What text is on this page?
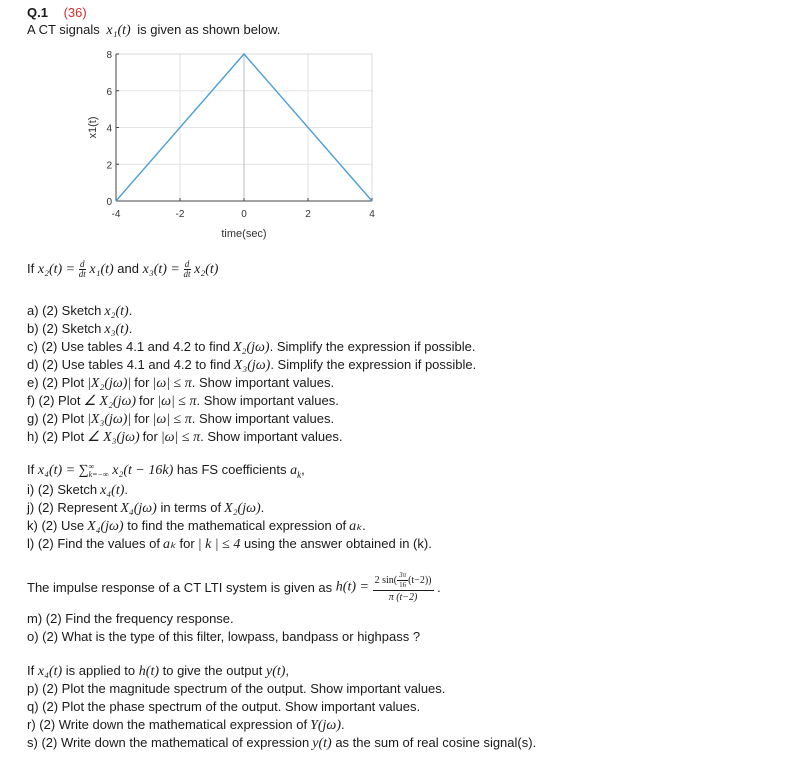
Q.1 (36)
A CT signals x₁(t) is given as shown below.
-4	-2	0	2	4
0
2
4
6
8
time(sec)
x1(t)
If $x_2(t) = \frac{d}{dt} x_1(t)$ and $x_3(t) = \frac{d}{dt} x_2(t)$
a) (2) Sketch x₂(t).
b) (2) Sketch x₃(t).
c) (2) Use tables 4.1 and 4.2 to find X₂(jω). Simplify the expression if possible.
d) (2) Use tables 4.1 and 4.2 to find X₃(jω). Simplify the expression if possible.
e) (2) Plot |X₂(jω)| for |ω| ≤ π. Show important values.
f) (2) Plot ∠ X₂(jω) for |ω| ≤ π. Show important values.
g) (2) Plot |X₃(jω)| for |ω| ≤ π. Show important values.
h) (2) Plot ∠ X₃(jω) for |ω| ≤ π. Show important values.
If x₄(t) = ∑ ∞
k=−∞ x₂(t − 16k) has FS coefficients $a_k$,
i) (2) Sketch x₄(t).
j) (2) Represent X₄(jω) in terms of X₂(jω).
k) (2) Use X₄(jω) to find the mathematical expression of aₖ.
l) (2) Find the values of aₖ for | k | ≤ 4 using the answer obtained in (k).
The impulse response of a CT LTI system is given as $h(t) = \frac{2 \sin( \frac{3\pi}{16} (t-2))}{\pi (t-2)}$ .
m) (2) Find the frequency response.
o) (2) What is the type of this filter, lowpass, bandpass or highpass ?
If x₄(t) is applied to h(t) to give the output y(t),
p) (2) Plot the magnitude spectrum of the output. Show important values.
q) (2) Plot the phase spectrum of the output. Show important values.
r) (2) Write down the mathematical expression of Y(jω).
s) (2) Write down the mathematical of expression y(t) as the sum of real cosine signal(s).
